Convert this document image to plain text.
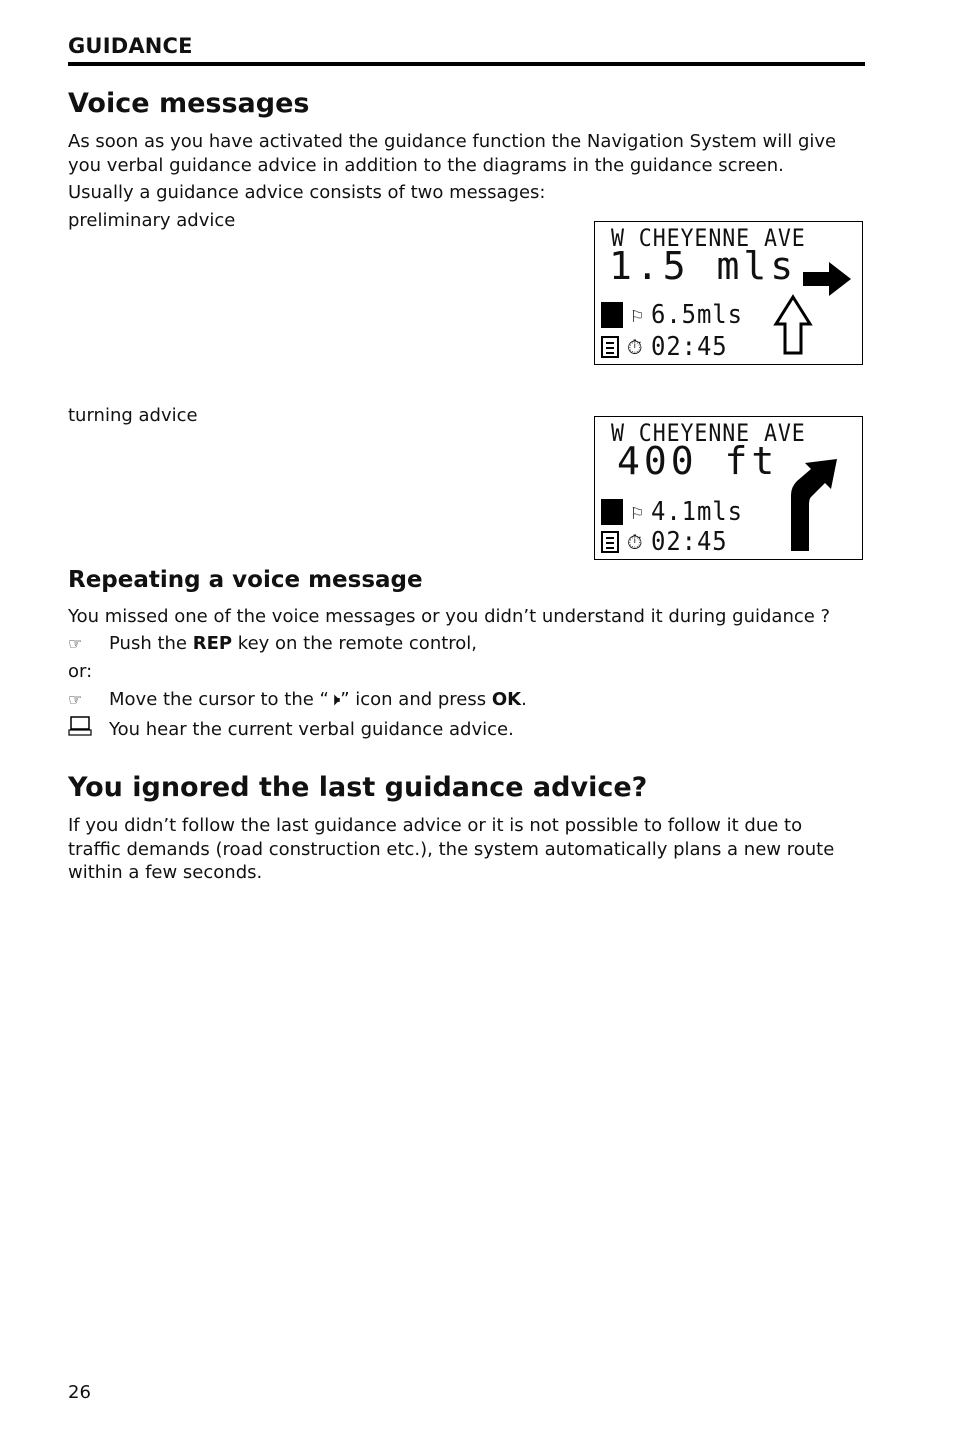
GUIDANCE
Voice messages

As soon as you have activated the guidance function the Navigation System will give you verbal guidance advice in addition to the diagrams in the guidance screen.

Usually a guidance advice consists of two messages:

preliminary advice

W CHEYENNE AVE
1.5 mls
⚐ 6.5mls
⏱ 02:45

turning advice

W CHEYENNE AVE
400 ft
⚐ 4.1mls
⏱ 02:45
Repeating a voice message

You missed one of the voice messages or you didn’t understand it during guidance ?

☞	Push the REP key on the remote control,
or:
☞	Move the cursor to the “🕨” icon and press OK.
You hear the current verbal guidance advice.
You ignored the last guidance advice?

If you didn’t follow the last guidance advice or it is not possible to follow it due to traffic demands (road construction etc.), the system automatically plans a new route within a few seconds.

26
